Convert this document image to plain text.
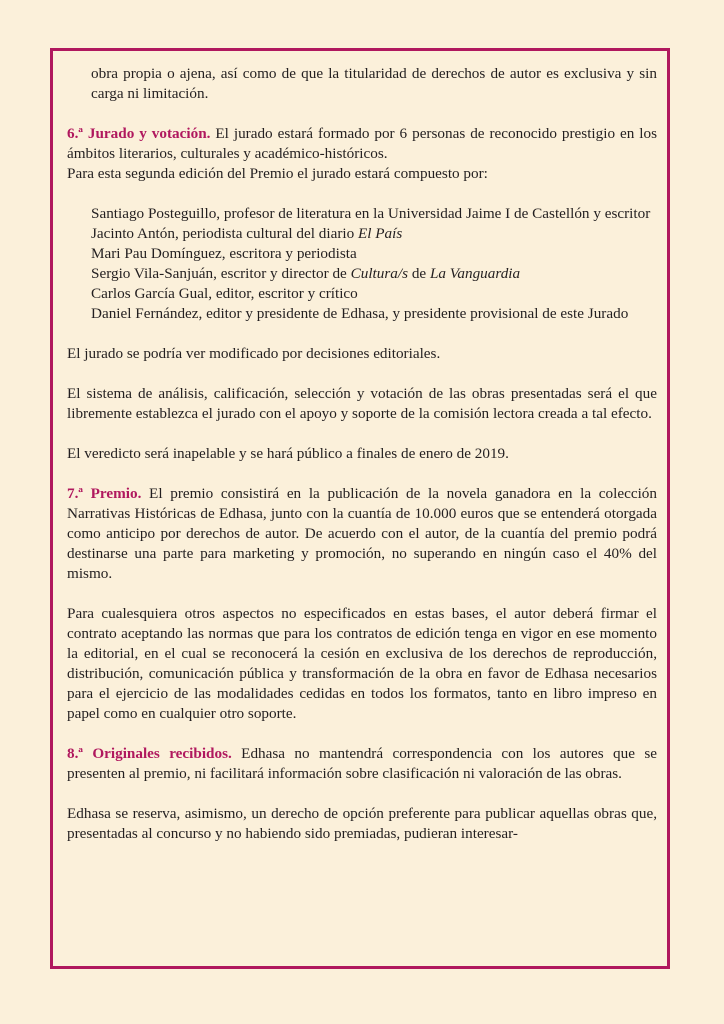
obra propia o ajena, así como de que la titularidad de derechos de autor es exclusiva y sin carga ni limitación.

6.ª Jurado y votación. El jurado estará formado por 6 personas de reconocido prestigio en los ámbitos literarios, culturales y académico-históricos.

Para esta segunda edición del Premio el jurado estará compuesto por:

Santiago Posteguillo, profesor de literatura en la Universidad Jaime I de Castellón y escritor
Jacinto Antón, periodista cultural del diario El País
Mari Pau Domínguez, escritora y periodista
Sergio Vila-Sanjuán, escritor y director de Cultura/s de La Vanguardia
Carlos García Gual, editor, escritor y crítico
Daniel Fernández, editor y presidente de Edhasa, y presidente provisional de este Jurado

El jurado se podría ver modificado por decisiones editoriales.

El sistema de análisis, calificación, selección y votación de las obras presentadas será el que libremente establezca el jurado con el apoyo y soporte de la comisión lectora creada a tal efecto.

El veredicto será inapelable y se hará público a finales de enero de 2019.

7.ª Premio. El premio consistirá en la publicación de la novela ganadora en la colección Narrativas Históricas de Edhasa, junto con la cuantía de 10.000 euros que se entenderá otorgada como anticipo por derechos de autor. De acuerdo con el autor, de la cuantía del premio podrá destinarse una parte para marketing y promoción, no superando en ningún caso el 40% del mismo.

Para cualesquiera otros aspectos no especificados en estas bases, el autor deberá firmar el contrato aceptando las normas que para los contratos de edición tenga en vigor en ese momento la editorial, en el cual se reconocerá la cesión en exclusiva de los derechos de reproducción, distribución, comunicación pública y transformación de la obra en favor de Edhasa necesarios para el ejercicio de las modalidades cedidas en todos los formatos, tanto en libro impreso en papel como en cualquier otro soporte.

8.ª Originales recibidos. Edhasa no mantendrá correspondencia con los autores que se presenten al premio, ni facilitará información sobre clasificación ni valoración de las obras.

Edhasa se reserva, asimismo, un derecho de opción preferente para publicar aquellas obras que, presentadas al concurso y no habiendo sido premiadas, pudieran interesar-
